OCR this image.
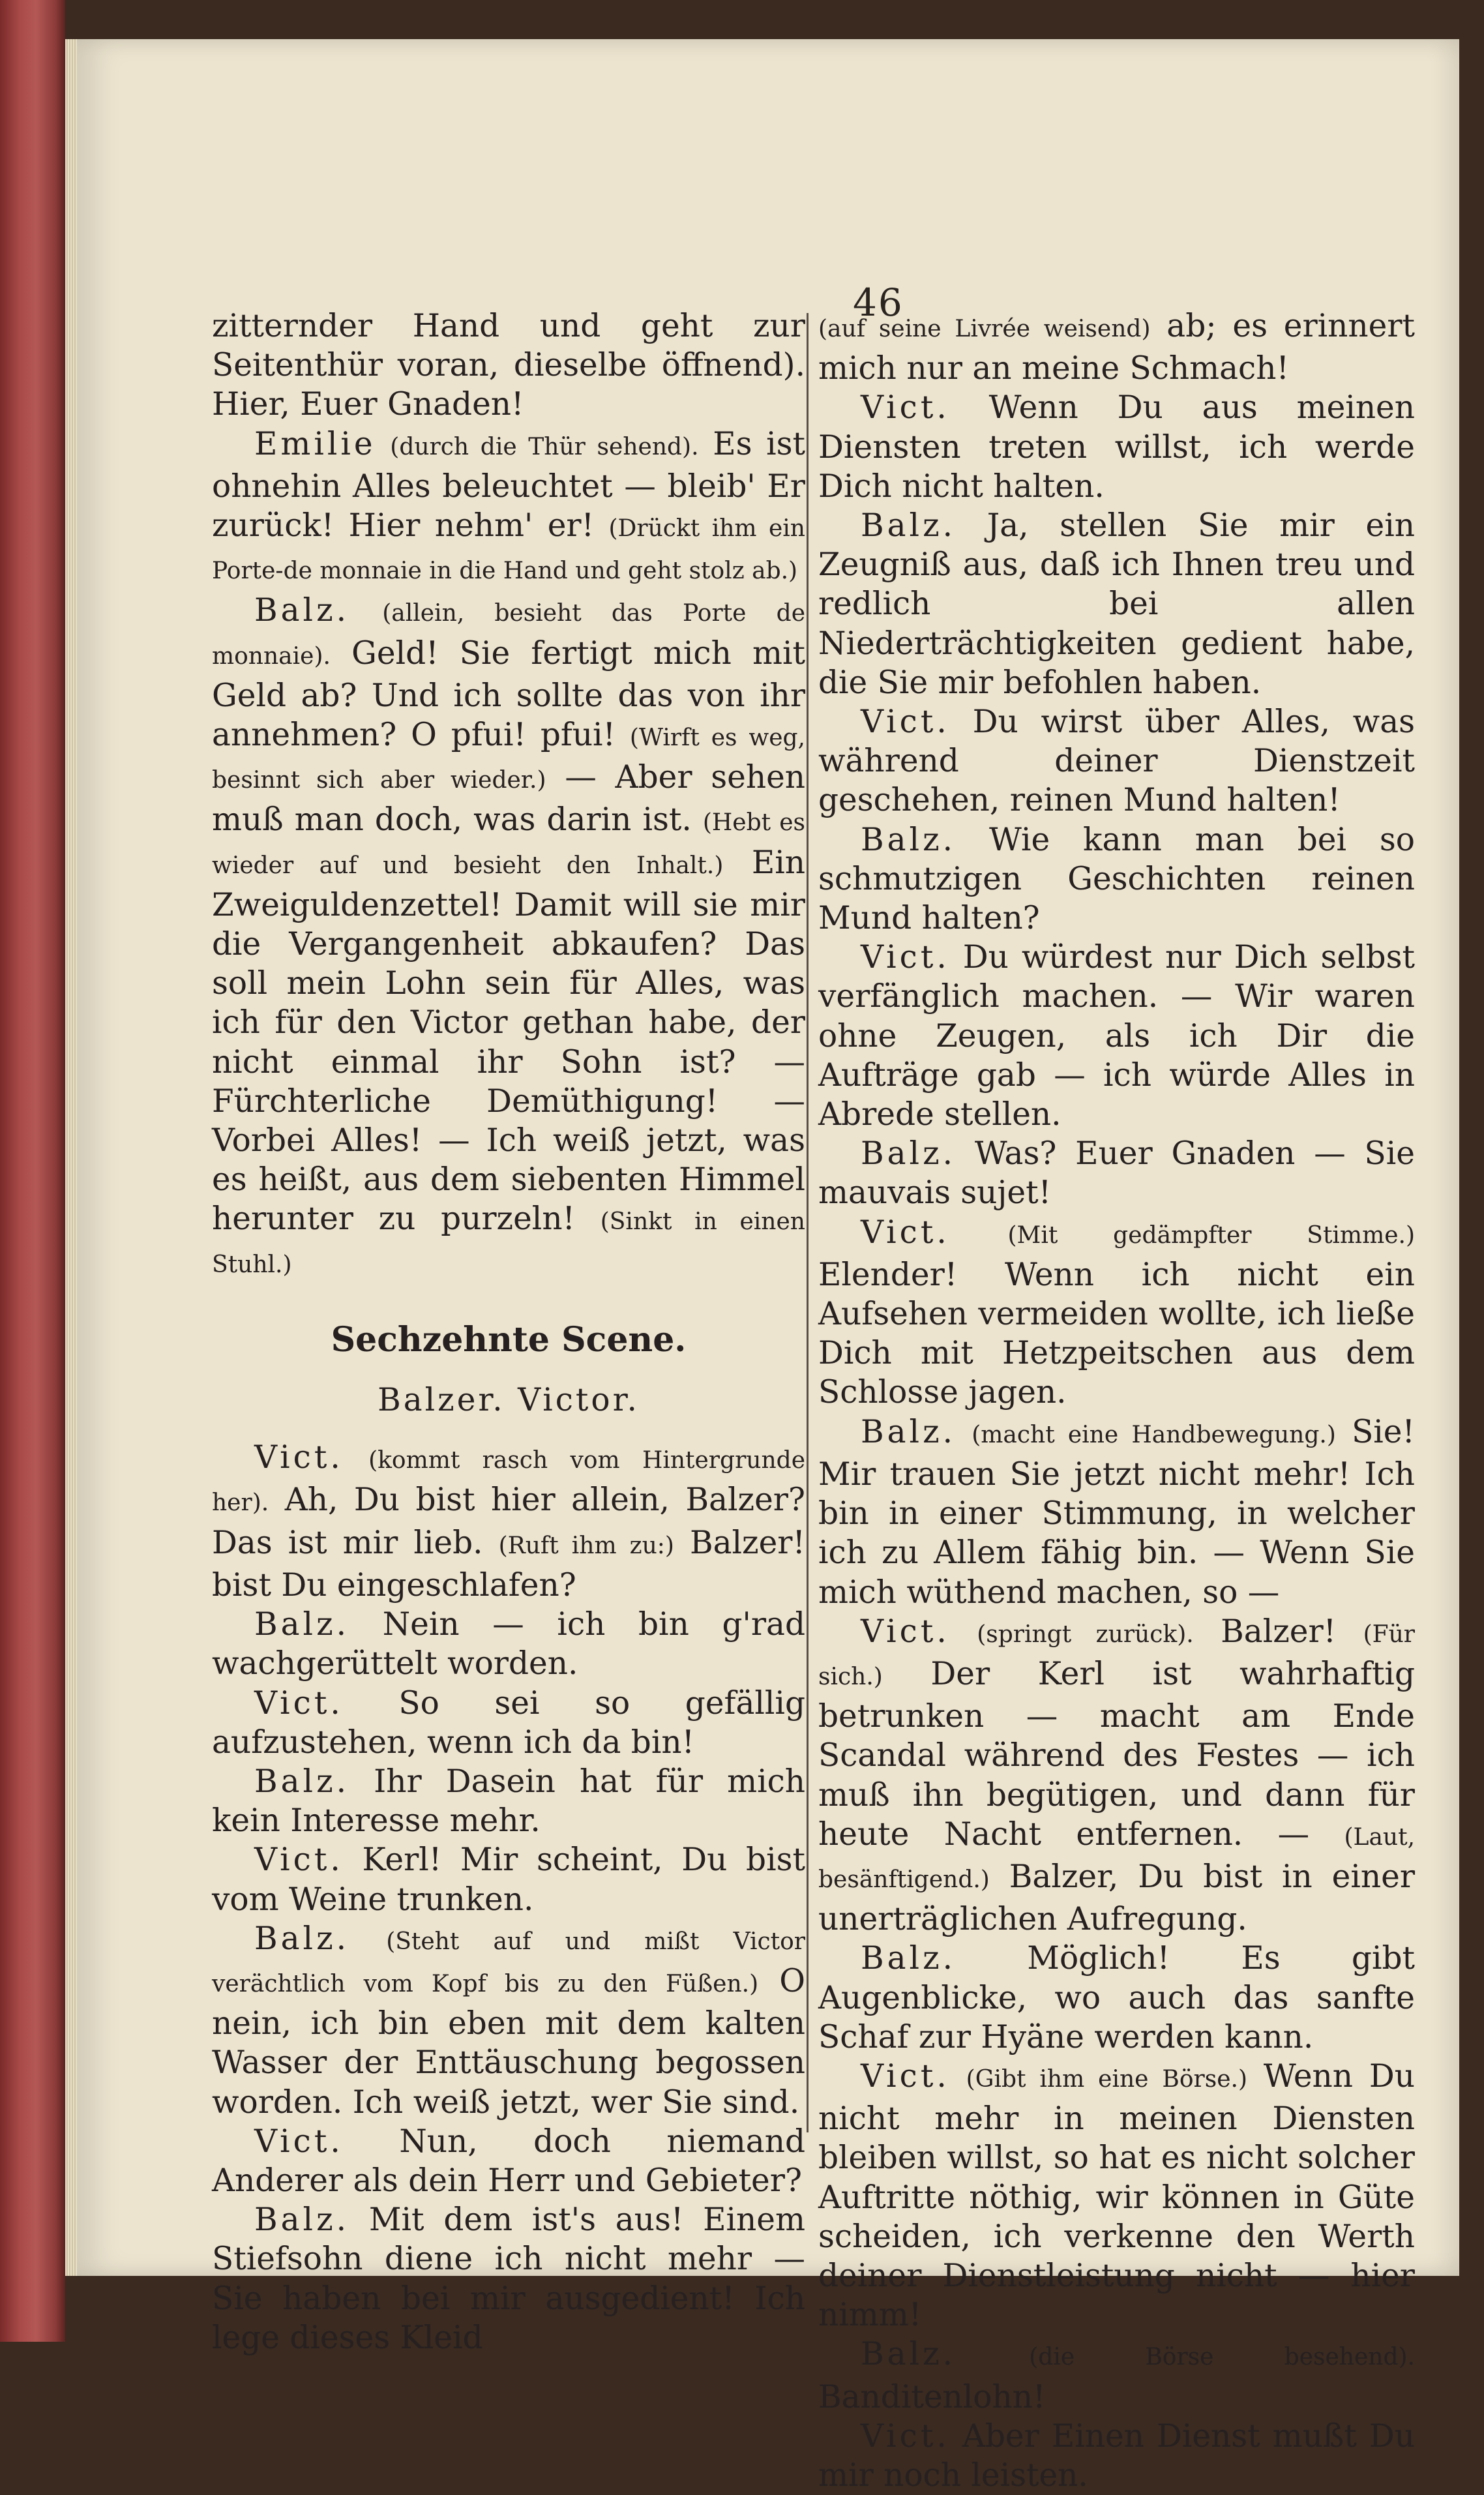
46

zitternder Hand und geht zur Seitenthür voran, dieselbe öffnend). Hier, Euer Gnaden!

Emilie (durch die Thür sehend). Es ist ohnehin Alles beleuchtet — bleib' Er zurück! Hier nehm' er! (Drückt ihm ein Porte-de monnaie in die Hand und geht stolz ab.)

Balz. (allein, besieht das Porte de monnaie). Geld! Sie fertigt mich mit Geld ab? Und ich sollte das von ihr annehmen? O pfui! pfui! (Wirft es weg, besinnt sich aber wieder.) — Aber sehen muß man doch, was darin ist. (Hebt es wieder auf und besieht den Inhalt.) Ein Zweiguldenzettel! Damit will sie mir die Vergangenheit abkaufen? Das soll mein Lohn sein für Alles, was ich für den Victor gethan habe, der nicht einmal ihr Sohn ist? — Fürchterliche Demüthigung! — Vorbei Alles! — Ich weiß jetzt, was es heißt, aus dem siebenten Himmel herunter zu purzeln! (Sinkt in einen Stuhl.)

Sechzehnte Scene.
Balzer. Victor.

Vict. (kommt rasch vom Hintergrunde her). Ah, Du bist hier allein, Balzer? Das ist mir lieb. (Ruft ihm zu:) Balzer! bist Du eingeschlafen?

Balz. Nein — ich bin g'rad wachgerüttelt worden.

Vict. So sei so gefällig aufzustehen, wenn ich da bin!

Balz. Ihr Dasein hat für mich kein Interesse mehr.

Vict. Kerl! Mir scheint, Du bist vom Weine trunken.

Balz. (Steht auf und mißt Victor verächtlich vom Kopf bis zu den Füßen.) O nein, ich bin eben mit dem kalten Wasser der Enttäuschung begossen worden. Ich weiß jetzt, wer Sie sind.

Vict. Nun, doch niemand Anderer als dein Herr und Gebieter?

Balz. Mit dem ist's aus! Einem Stiefsohn diene ich nicht mehr — Sie haben bei mir ausgedient! Ich lege dieses Kleid

(auf seine Livrée weisend) ab; es erinnert mich nur an meine Schmach!

Vict. Wenn Du aus meinen Diensten treten willst, ich werde Dich nicht halten.

Balz. Ja, stellen Sie mir ein Zeugniß aus, daß ich Ihnen treu und redlich bei allen Niederträchtigkeiten gedient habe, die Sie mir befohlen haben.

Vict. Du wirst über Alles, was während deiner Dienstzeit geschehen, reinen Mund halten!

Balz. Wie kann man bei so schmutzigen Geschichten reinen Mund halten?

Vict. Du würdest nur Dich selbst verfänglich machen. — Wir waren ohne Zeugen, als ich Dir die Aufträge gab — ich würde Alles in Abrede stellen.

Balz. Was? Euer Gnaden — Sie mauvais sujet!

Vict. (Mit gedämpfter Stimme.) Elender! Wenn ich nicht ein Aufsehen vermeiden wollte, ich ließe Dich mit Hetzpeitschen aus dem Schlosse jagen.

Balz. (macht eine Handbewegung.) Sie! Mir trauen Sie jetzt nicht mehr! Ich bin in einer Stimmung, in welcher ich zu Allem fähig bin. — Wenn Sie mich wüthend machen, so —

Vict. (springt zurück). Balzer! (Für sich.) Der Kerl ist wahrhaftig betrunken — macht am Ende Scandal während des Festes — ich muß ihn begütigen, und dann für heute Nacht entfernen. — (Laut, besänftigend.) Balzer, Du bist in einer unerträglichen Aufregung.

Balz. Möglich! Es gibt Augenblicke, wo auch das sanfte Schaf zur Hyäne werden kann.

Vict. (Gibt ihm eine Börse.) Wenn Du nicht mehr in meinen Diensten bleiben willst, so hat es nicht solcher Auftritte nöthig, wir können in Güte scheiden, ich verkenne den Werth deiner Dienstleistung nicht — hier nimm!

Balz.	(die Börse besehend). Banditenlohn!

Vict. Aber Einen Dienst mußt Du mir noch leisten.
